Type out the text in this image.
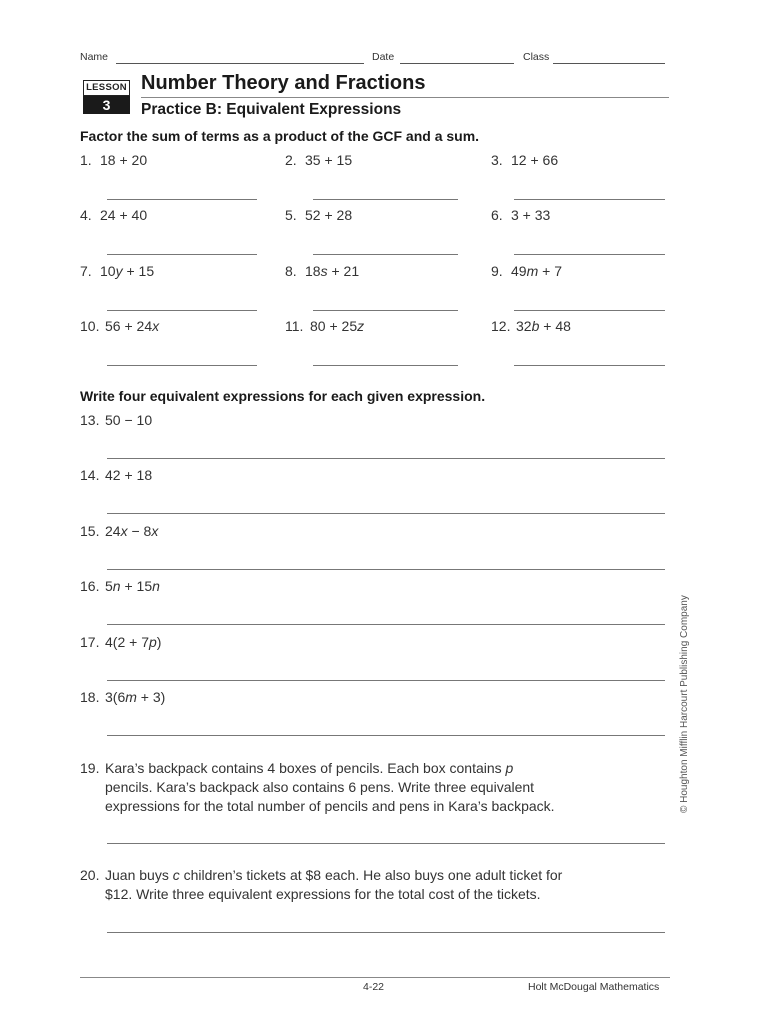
Name	Date	Class
LESSON
3
Number Theory and Fractions
Practice B: Equivalent Expressions
Factor the sum of terms as a product of the GCF and a sum.
1. 18 + 20	2. 35 + 15	3. 12 + 66
4. 24 + 40	5. 52 + 28	6. 3 + 33
7. 10y + 15	8. 18s + 21	9. 49m + 7
10. 56 + 24x	11. 80 + 25z	12. 32b + 48
Write four equivalent expressions for each given expression.
13. 50 − 10
14. 42 + 18
15. 24x − 8x
16. 5n + 15n
17. 4(2 + 7p)
18. 3(6m + 3)
19. Kara’s backpack contains 4 boxes of pencils. Each box contains p
pencils. Kara’s backpack also contains 6 pens. Write three equivalent
expressions for the total number of pencils and pens in Kara’s backpack.
20. Juan buys c children’s tickets at $8 each. He also buys one adult ticket for
$12. Write three equivalent expressions for the total cost of the tickets.
© Houghton Mifflin Harcourt Publishing Company
4-22	Holt McDougal Mathematics
